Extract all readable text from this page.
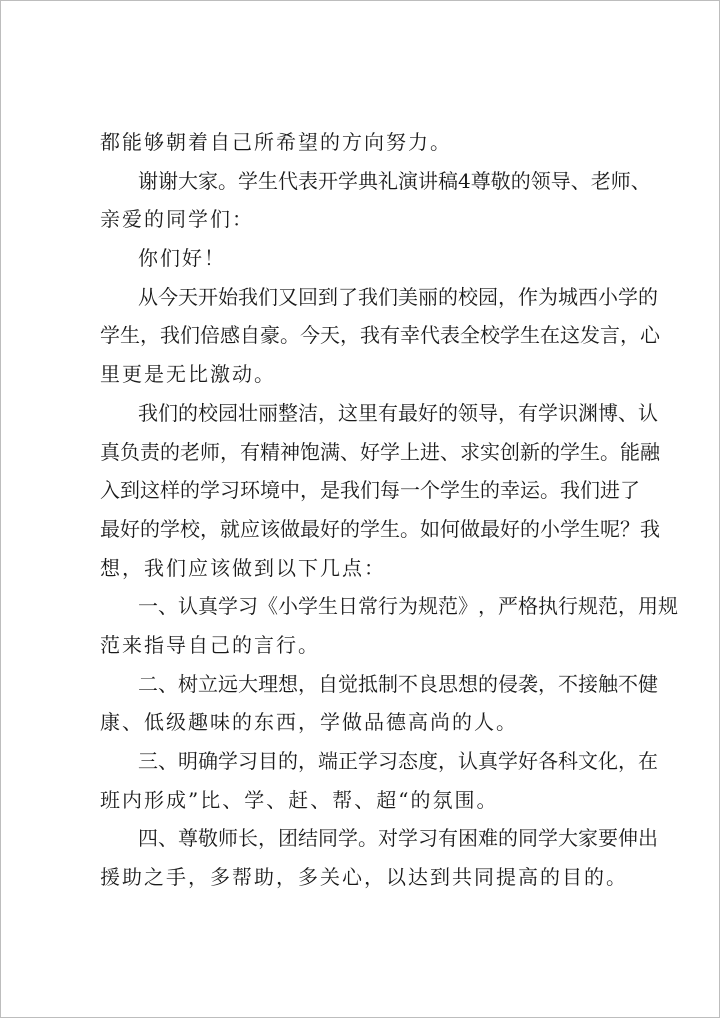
都能够朝着自己所希望的方向努力。
谢 谢 大 家 。 学 生 代 表 开 学 典 礼 演 讲 稿 4 尊 敬 的 领 导 、 老 师 、
亲爱的同学们：
你们好！
从 今 天 开 始 我 们 又 回 到 了 我 们 美 丽 的 校 园 ， 作 为 城 西 小 学 的
学 生 ， 我 们 倍 感 自 豪 。 今 天 ， 我 有 幸 代 表 全 校 学 生 在 这 发 言 ， 心
里更是无比激动。
我 们 的 校 园 壮 丽 整 洁 ， 这 里 有 最 好 的 领 导 ， 有 学 识 渊 博 、 认
真 负 责 的 老 师 ， 有 精 神 饱 满 、 好 学 上 进 、 求 实 创 新 的 学 生 。 能 融
入 到 这 样 的 学 习 环 境 中 ， 是 我 们 每 一 个 学 生 的 幸 运 。 我 们 进 了
最 好 的 学 校 ， 就 应 该 做 最 好 的 学 生 。 如 何 做 最 好 的 小 学 生 呢 ？ 我
想，我们应该做到以下几点：
一 、 认 真 学 习 《 小 学 生 日 常 行 为 规 范 》 ， 严 格 执 行 规 范 ， 用 规
范来指导自己的言行。
二 、 树 立 远 大 理 想 ， 自 觉 抵 制 不 良 思 想 的 侵 袭 ， 不 接 触 不 健
康、低级趣味的东西，学做品德高尚的人。
三 、 明 确 学 习 目 的 ， 端 正 学 习 态 度 ， 认 真 学 好 各 科 文 化 ， 在
班内形成”比、学、赶、帮、超“的氛围。
四 、 尊 敬 师 长 ， 团 结 同 学 。 对 学 习 有 困 难 的 同 学 大 家 要 伸 出
援助之手，多帮助，多关心，以达到共同提高的目的。
